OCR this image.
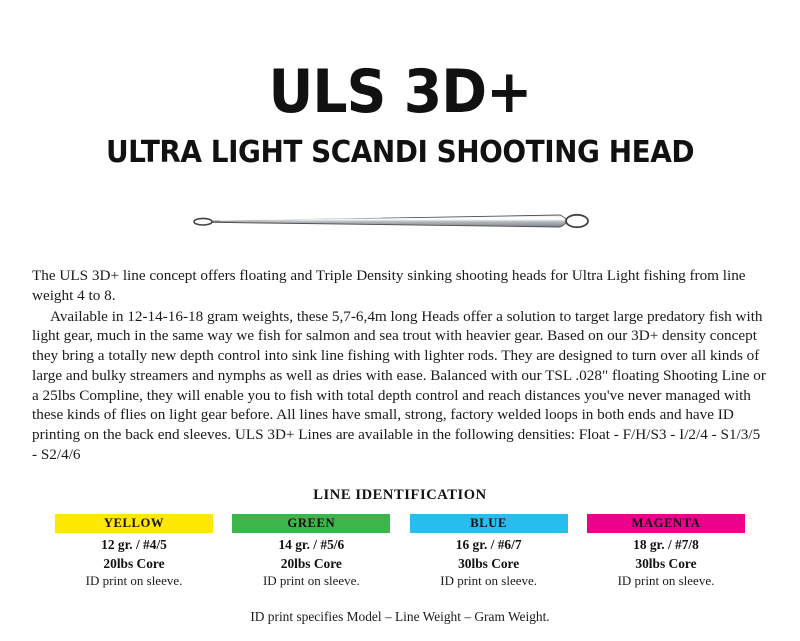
ULS 3D+
ULTRA LIGHT SCANDI SHOOTING HEAD

The ULS 3D+ line concept offers floating and Triple Density sinking shooting heads for Ultra Light fishing from line weight 4 to 8.

Available in 12-14-16-18 gram weights, these 5,7-6,4m long Heads offer a solution to target large predatory fish with light gear, much in the same way we fish for salmon and sea trout with heavier gear. Based on our 3D+ density concept they bring a totally new depth control into sink line fishing with lighter rods. They are designed to turn over all kinds of large and bulky streamers and nymphs as well as dries with ease. Balanced with our TSL .028" floating Shooting Line or a 25lbs Compline, they will enable you to fish with total depth control and reach distances you've never managed with these kinds of flies on light gear before. All lines have small, strong, factory welded loops in both ends and have ID printing on the back end sleeves. ULS 3D+ Lines are available in the following densities: Float - F/H/S3 - I/2/4 - S1/3/5 - S2/4/6

LINE IDENTIFICATION
YELLOW
12 gr. / #4/5
20lbs Core
ID print on sleeve.
GREEN
14 gr. / #5/6
20lbs Core
ID print on sleeve.
BLUE
16 gr. / #6/7
30lbs Core
ID print on sleeve.
MAGENTA
18 gr. / #7/8
30lbs Core
ID print on sleeve.
ID print specifies Model – Line Weight – Gram Weight.
